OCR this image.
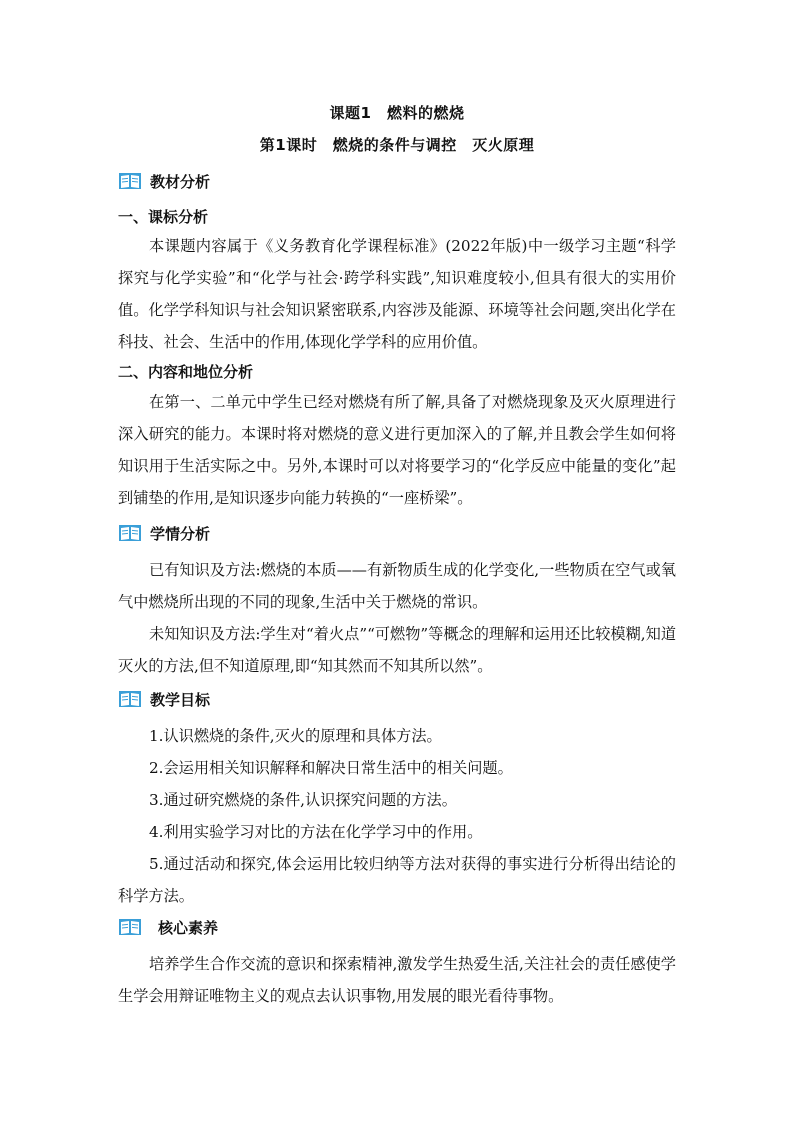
课题1　燃料的燃烧
第1课时　燃烧的条件与调控　灭火原理
教材分析
一、课标分析

本课题内容属于《义务教育化学课程标准》(2022年版)中一级学习主题“科学探究与化学实验”和“化学与社会·跨学科实践”,知识难度较小,但具有很大的实用价值。化学学科知识与社会知识紧密联系,内容涉及能源、环境等社会问题,突出化学在科技、社会、生活中的作用,体现化学学科的应用价值。

二、内容和地位分析

在第一、二单元中学生已经对燃烧有所了解,具备了对燃烧现象及灭火原理进行深入研究的能力。本课时将对燃烧的意义进行更加深入的了解,并且教会学生如何将知识用于生活实际之中。另外,本课时可以对将要学习的“化学反应中能量的变化”起到铺垫的作用,是知识逐步向能力转换的“一座桥梁”。

学情分析

已有知识及方法:燃烧的本质——有新物质生成的化学变化,一些物质在空气或氧气中燃烧所出现的不同的现象,生活中关于燃烧的常识。

未知知识及方法:学生对“着火点”“可燃物”等概念的理解和运用还比较模糊,知道灭火的方法,但不知道原理,即“知其然而不知其所以然”。

教学目标

1.认识燃烧的条件,灭火的原理和具体方法。

2.会运用相关知识解释和解决日常生活中的相关问题。

3.通过研究燃烧的条件,认识探究问题的方法。

4.利用实验学习对比的方法在化学学习中的作用。

5.通过活动和探究,体会运用比较归纳等方法对获得的事实进行分析得出结论的科学方法。

核心素养

培养学生合作交流的意识和探索精神,激发学生热爱生活,关注社会的责任感使学生学会用辩证唯物主义的观点去认识事物,用发展的眼光看待事物。
